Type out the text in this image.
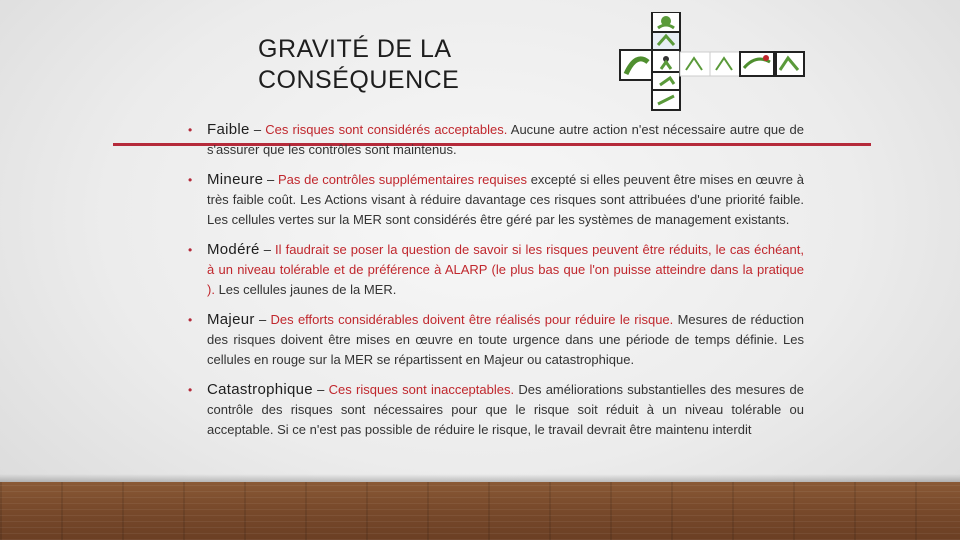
GRAVITÉ DE LA
CONSÉQUENCE
• Faible – Ces risques sont considérés acceptables. Aucune autre action n'est nécessaire autre que de s'assurer que les contrôles sont maintenus.
• Mineure – Pas de contrôles supplémentaires requises excepté si elles peuvent être mises en œuvre à très faible coût. Les Actions visant à réduire davantage ces risques sont attribuées d'une priorité faible. Les cellules vertes sur la MER sont considérés être géré par les systèmes de management existants.
• Modéré – Il faudrait se poser la question de savoir si les risques peuvent être réduits, le cas échéant, à un niveau tolérable et de préférence à ALARP (le plus bas que l'on puisse atteindre dans la pratique ). Les cellules jaunes de la MER.
• Majeur – Des efforts considérables doivent être réalisés pour réduire le risque. Mesures de réduction des risques doivent être mises en œuvre en toute urgence dans une période de temps définie. Les cellules en rouge sur la MER se répartissent en Majeur ou catastrophique.
• Catastrophique – Ces risques sont inacceptables. Des améliorations substantielles des mesures de contrôle des risques sont nécessaires pour que le risque soit réduit à un niveau tolérable ou acceptable. Si ce n'est pas possible de réduire le risque, le travail devrait être maintenu interdit
